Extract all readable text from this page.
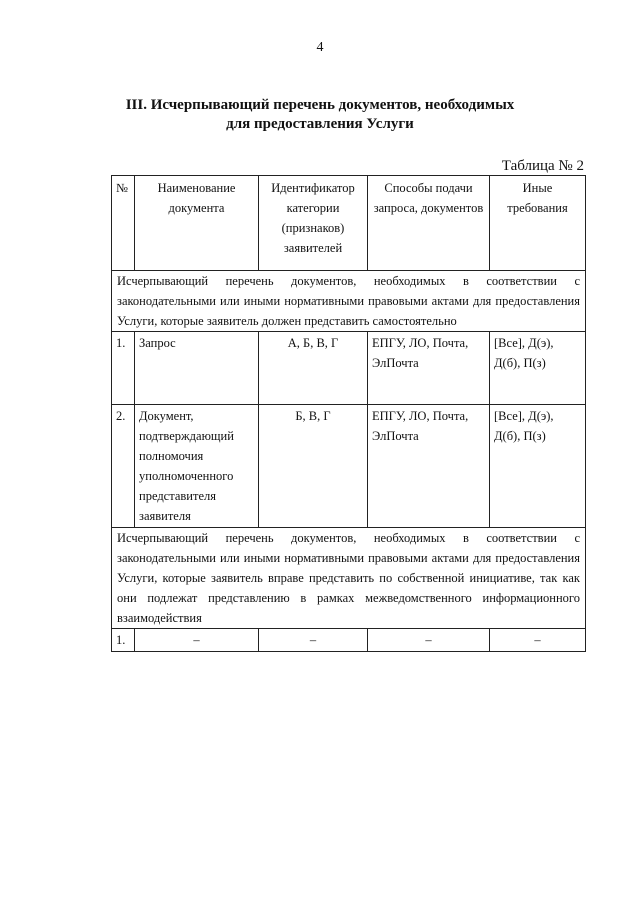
4
III. Исчерпывающий перечень документов, необходимых
для предоставления Услуги
Таблица № 2
№	Наименование документа	Идентификатор категории (признаков) заявителей	Способы подачи запроса, документов	Иные требования
Исчерпывающий перечень документов, необходимых в соответствии с законодательными или иными нормативными правовыми актами для предоставления Услуги, которые заявитель должен представить самостоятельно				
1.	Запрос	А, Б, В, Г	ЕПГУ, ЛО, Почта, ЭлПочта	[Все], Д(э), Д(б), П(з)
2.	Документ, подтверждающий полномочия уполномоченного представителя заявителя	Б, В, Г	ЕПГУ, ЛО, Почта, ЭлПочта	[Все], Д(э), Д(б), П(з)
Исчерпывающий перечень документов, необходимых в соответствии с законодательными или иными нормативными правовыми актами для предоставления Услуги, которые заявитель вправе представить по собственной инициативе, так как они подлежат представлению в рамках межведомственного информационного взаимодействия				
1.	–	–	–	–
